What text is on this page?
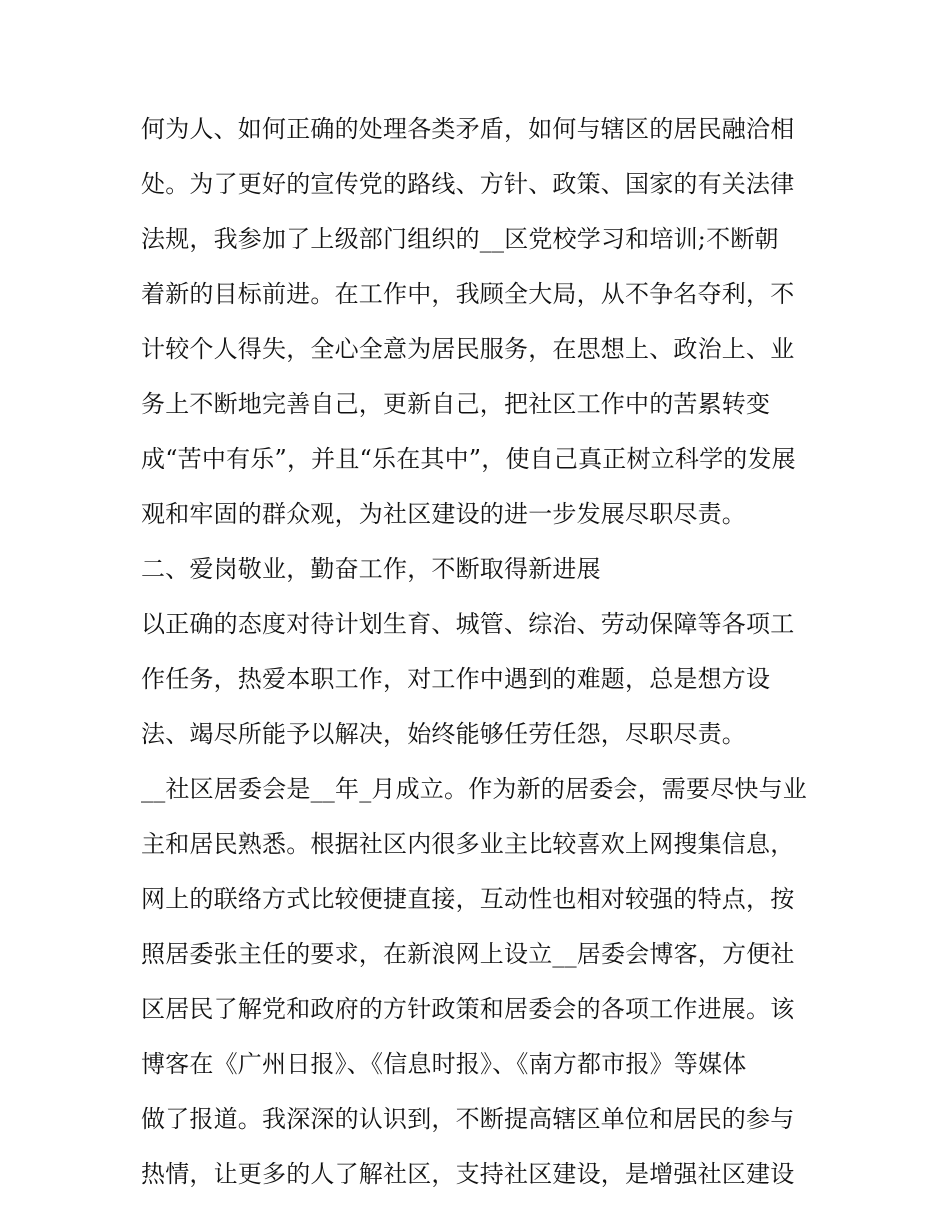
何为人、如何正确的处理各类矛盾，如何与辖区的居民融洽相
处。为了更好的宣传党的路线、方针、政策、国家的有关法律
法规，我参加了上级部门组织的__区党校学习和培训;不断朝
着新的目标前进。在工作中，我顾全大局，从不争名夺利，不
计较个人得失，全心全意为居民服务，在思想上、政治上、业
务上不断地完善自己，更新自己，把社区工作中的苦累转变
成“苦中有乐”，并且“乐在其中”，使自己真正树立科学的发展
观和牢固的群众观，为社区建设的进一步发展尽职尽责。
二、爱岗敬业，勤奋工作，不断取得新进展
以正确的态度对待计划生育、城管、综治、劳动保障等各项工
作任务，热爱本职工作，对工作中遇到的难题，总是想方设
法、竭尽所能予以解决，始终能够任劳任怨，尽职尽责。
__社区居委会是__年_月成立。作为新的居委会，需要尽快与业
主和居民熟悉。根据社区内很多业主比较喜欢上网搜集信息，
网上的联络方式比较便捷直接，互动性也相对较强的特点，按
照居委张主任的要求，在新浪网上设立__居委会博客，方便社
区居民了解党和政府的方针政策和居委会的各项工作进展。该
博客在《广州日报》、《信息时报》、《南方都市报》等媒体
做了报道。我深深的认识到，不断提高辖区单位和居民的参与
热情，让更多的人了解社区，支持社区建设，是增强社区建设
